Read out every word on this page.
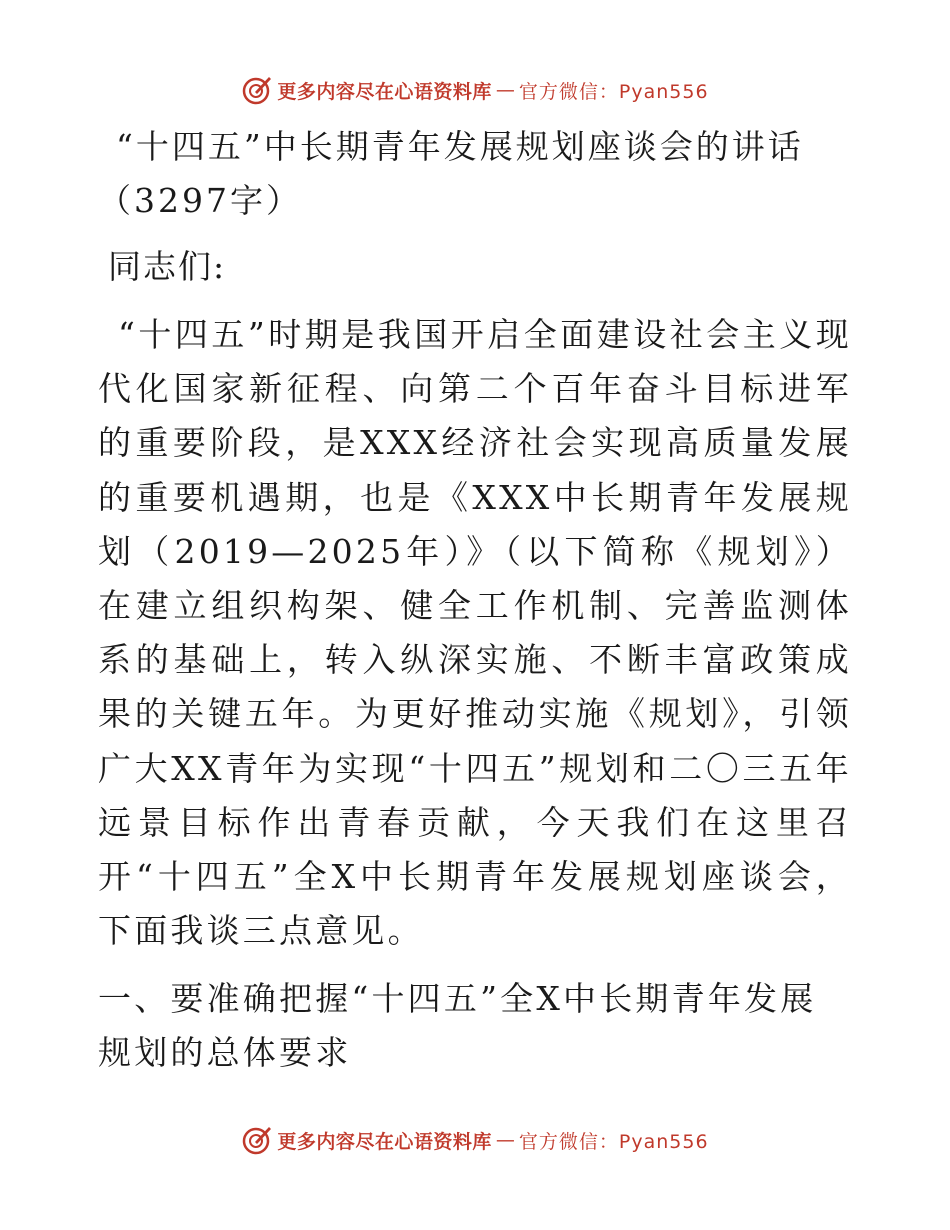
更多内容尽在心语资料库 — 官方微信：Pyan556
“十四五”中长期青年发展规划座谈会的讲话

（3297字）

同志们:

“十四五”时期是我国开启全面建设社会主义现代化国家新征程、向第二个百年奋斗目标进军的重要阶段，是XXX经济社会实现高质量发展的重要机遇期，也是《XXX中长期青年发展规划（2019—2025年）》（以下简称《规划》）在建立组织构架、健全工作机制、完善监测体系的基础上，转入纵深实施、不断丰富政策成果的关键五年。为更好推动实施《规划》，引领广大XX青年为实现“十四五”规划和二〇三五年远景目标作出青春贡献，今天我们在这里召开“十四五”全X中长期青年发展规划座谈会，下面我谈三点意见。

一、要准确把握“十四五”全X中长期青年发展规划的总体要求

更多内容尽在心语资料库 — 官方微信：Pyan556
